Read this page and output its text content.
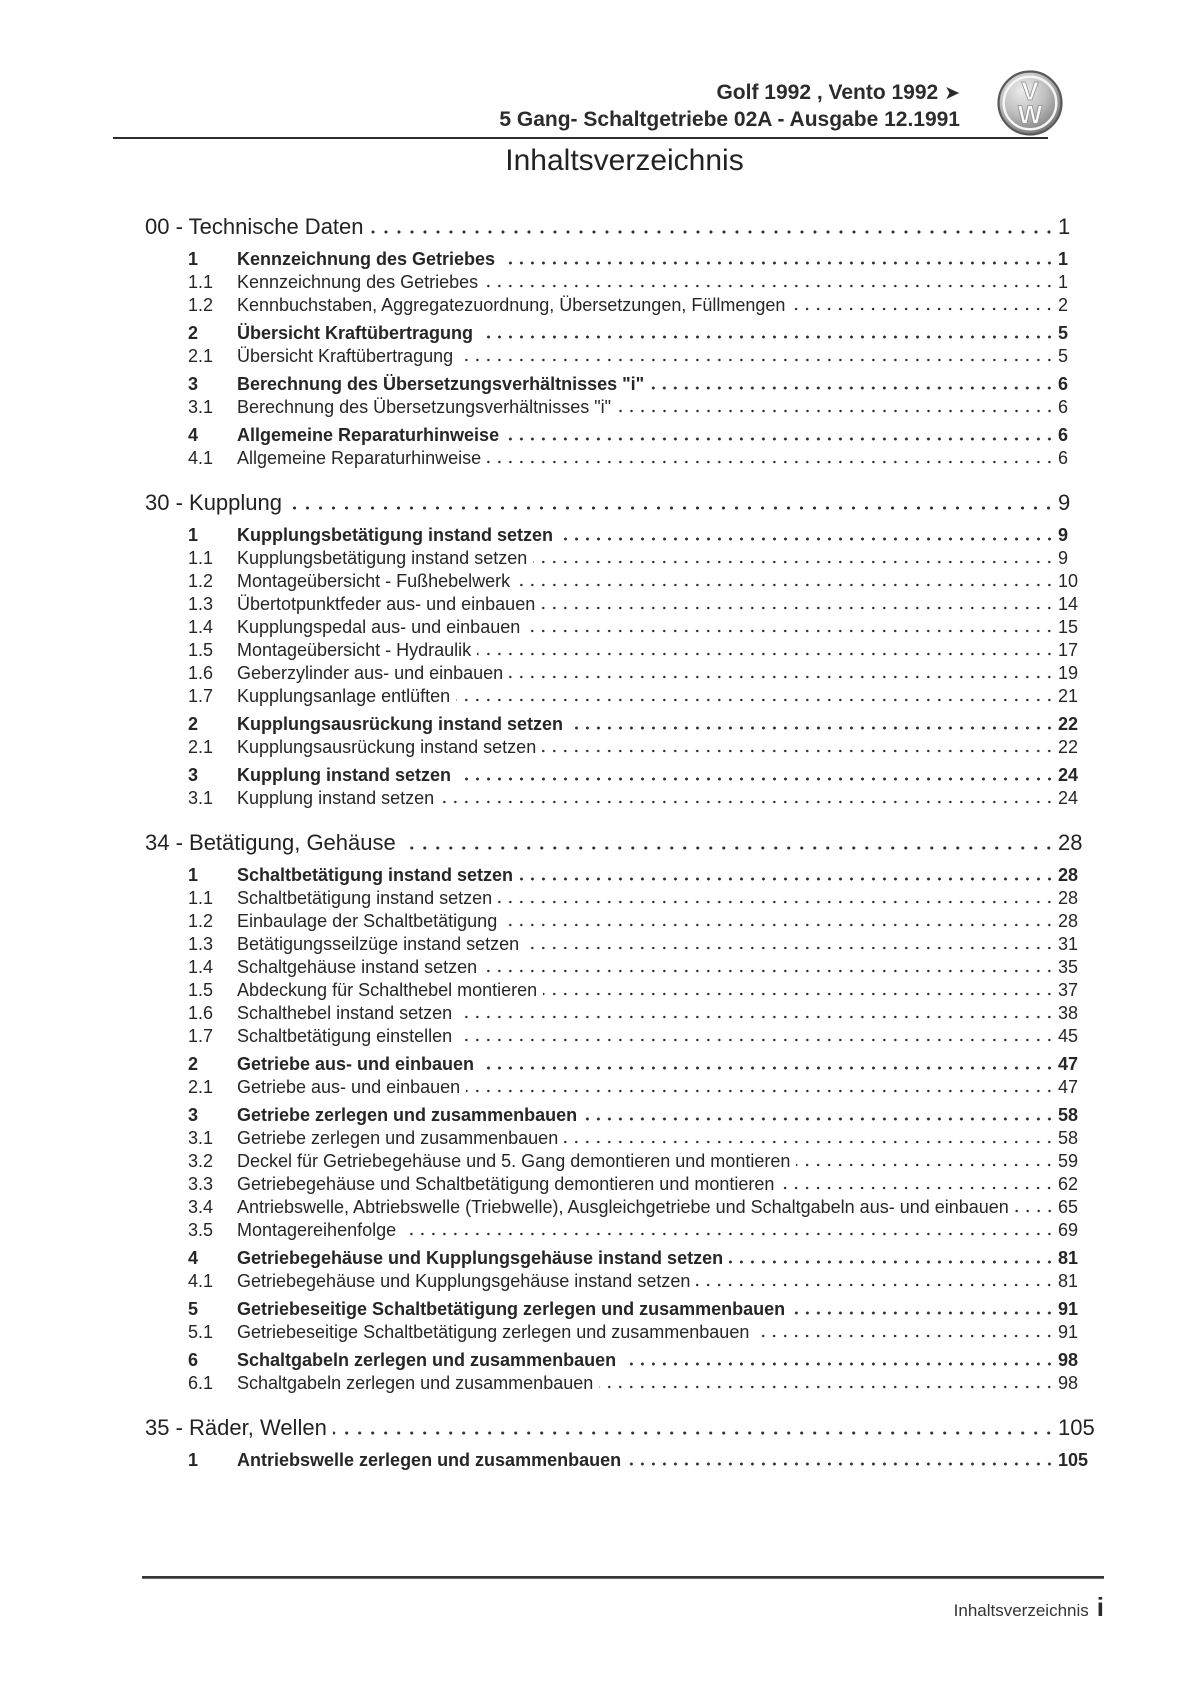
Golf 1992 , Vento 1992 ➤
5 Gang- Schaltgetriebe 02A - Ausgabe 12.1991
V
W
Inhaltsverzeichnis
00 - Technische Daten	1
1	Kennzeichnung des Getriebes	1
1.1	Kennzeichnung des Getriebes	1
1.2	Kennbuchstaben, Aggregatezuordnung, Übersetzungen, Füllmengen	2
2	Übersicht Kraftübertragung	5
2.1	Übersicht Kraftübertragung	5
3	Berechnung des Übersetzungsverhältnisses "i"	6
3.1	Berechnung des Übersetzungsverhältnisses "i"	6
4	Allgemeine Reparaturhinweise	6
4.1	Allgemeine Reparaturhinweise	6
30 - Kupplung	9
1	Kupplungsbetätigung instand setzen	9
1.1	Kupplungsbetätigung instand setzen	9
1.2	Montageübersicht - Fußhebelwerk	10
1.3	Übertotpunktfeder aus- und einbauen	14
1.4	Kupplungspedal aus- und einbauen	15
1.5	Montageübersicht - Hydraulik	17
1.6	Geberzylinder aus- und einbauen	19
1.7	Kupplungsanlage entlüften	21
2	Kupplungsausrückung instand setzen	22
2.1	Kupplungsausrückung instand setzen	22
3	Kupplung instand setzen	24
3.1	Kupplung instand setzen	24
34 - Betätigung, Gehäuse	28
1	Schaltbetätigung instand setzen	28
1.1	Schaltbetätigung instand setzen	28
1.2	Einbaulage der Schaltbetätigung	28
1.3	Betätigungsseilzüge instand setzen	31
1.4	Schaltgehäuse instand setzen	35
1.5	Abdeckung für Schalthebel montieren	37
1.6	Schalthebel instand setzen	38
1.7	Schaltbetätigung einstellen	45
2	Getriebe aus- und einbauen	47
2.1	Getriebe aus- und einbauen	47
3	Getriebe zerlegen und zusammenbauen	58
3.1	Getriebe zerlegen und zusammenbauen	58
3.2	Deckel für Getriebegehäuse und 5. Gang demontieren und montieren	59
3.3	Getriebegehäuse und Schaltbetätigung demontieren und montieren	62
3.4	Antriebswelle, Abtriebswelle (Triebwelle), Ausgleichgetriebe und Schaltgabeln aus- und einbauen	65
3.5	Montagereihenfolge	69
4	Getriebegehäuse und Kupplungsgehäuse instand setzen	81
4.1	Getriebegehäuse und Kupplungsgehäuse instand setzen	81
5	Getriebeseitige Schaltbetätigung zerlegen und zusammenbauen	91
5.1	Getriebeseitige Schaltbetätigung zerlegen und zusammenbauen	91
6	Schaltgabeln zerlegen und zusammenbauen	98
6.1	Schaltgabeln zerlegen und zusammenbauen	98
35 - Räder, Wellen	105
1	Antriebswelle zerlegen und zusammenbauen	105
Inhaltsverzeichnis i
